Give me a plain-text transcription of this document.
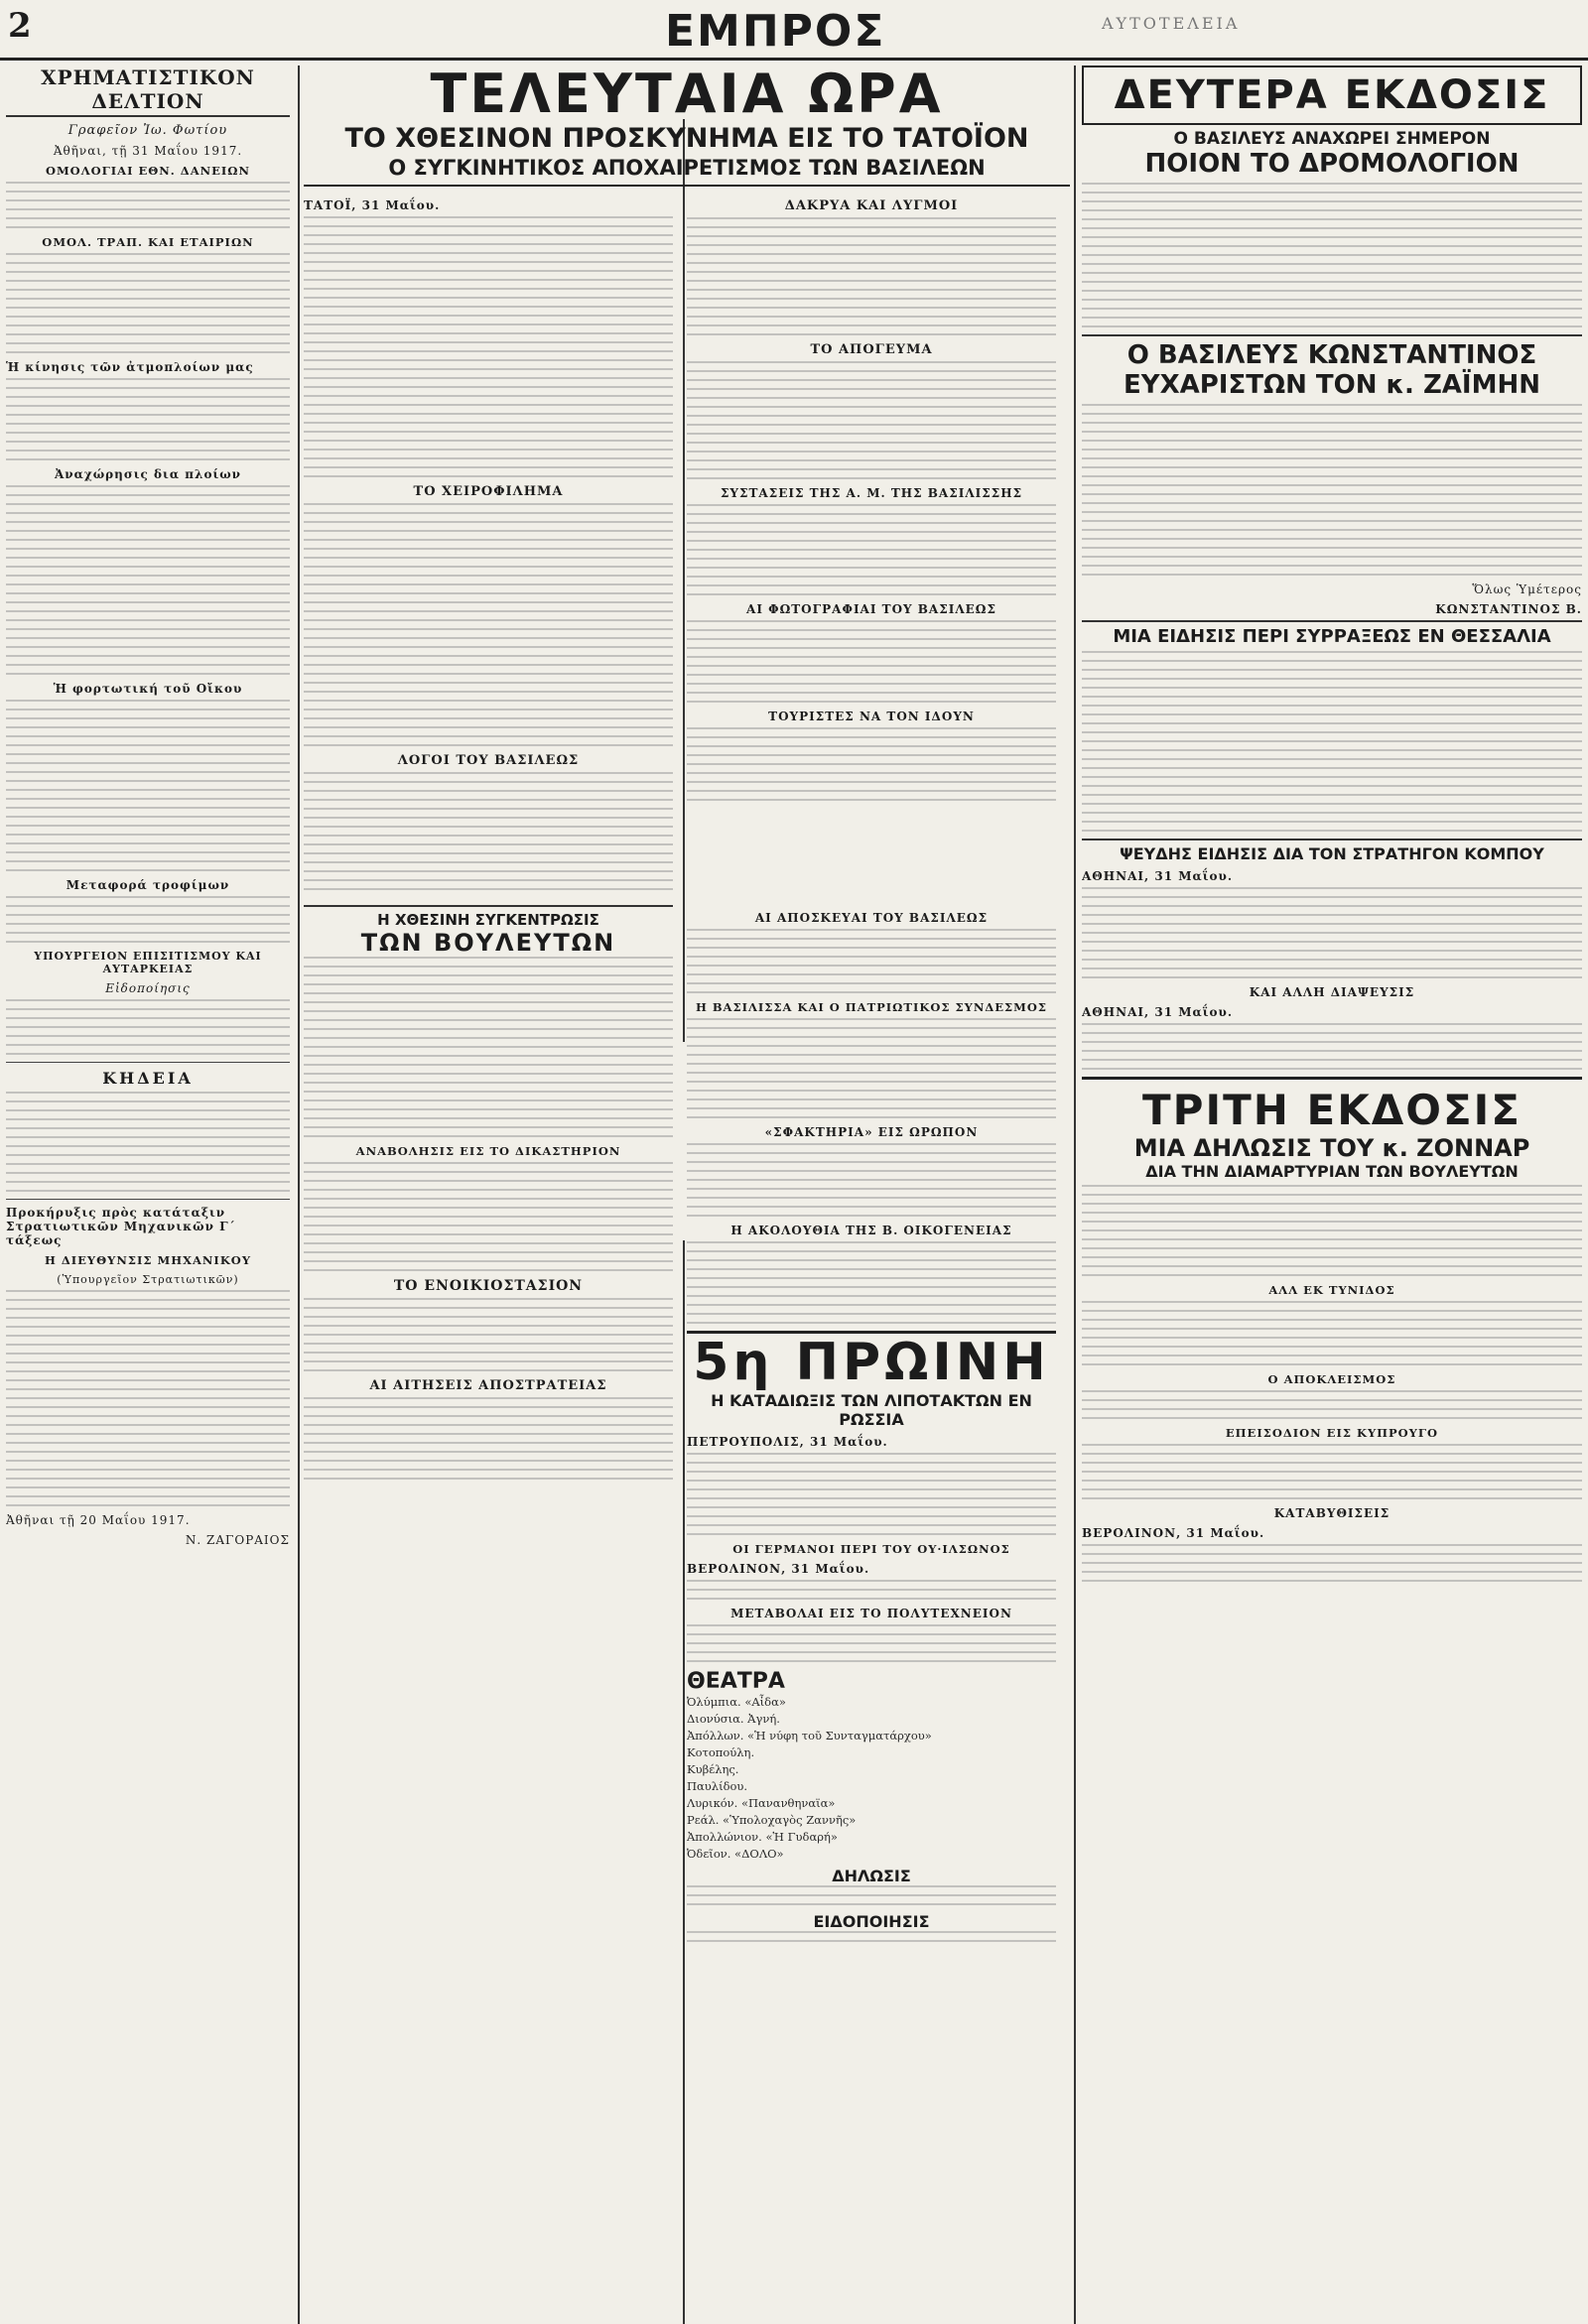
2	ΕΜΠΡΟΣ	ΑΥΤΟΤΕΛΕΙΑ
ΧΡΗΜΑΤΙΣΤΙΚΟΝ ΔΕΛΤΙΟΝ
Γραφεῖον Ἰω. Φωτίου
Ἀθῆναι, τῇ 31 Μαΐου 1917.
ΟΜΟΛΟΓΙΑΙ ΕΘΝ. ΔΑΝΕΙΩΝ
ΟΜΟΛ. ΤΡΑΠ. ΚΑΙ ΕΤΑΙΡΙΩΝ
Ἡ κίνησις τῶν ἀτμοπλοίων μας
Ἀναχώρησις δια πλοίων
Ἡ φορτωτική τοῦ Οἴκου
Μεταφορά τροφίμων
ΥΠΟΥΡΓΕΙΟΝ ΕΠΙΣΙΤΙΣΜΟΥ ΚΑΙ ΑΥΤΑΡΚΕΙΑΣ
Εἰδοποίησις
ΚΗΔΕΙΑ
Προκήρυξις πρὸς κατάταξιν Στρατιωτικῶν Μηχανικῶν Γ΄ τάξεως
Η ΔΙΕΥΘΥΝΣΙΣ ΜΗΧΑΝΙΚΟΥ
(Ὑπουργεῖον Στρατιωτικῶν)
Ἀθῆναι τῇ 20 Μαΐου 1917.
Ν. ΖΑΓΟΡΑΙΟΣ
ΤΕΛΕΥΤΑΙΑ ΩΡΑ
ΤΟ ΧΘΕΣΙΝΟΝ ΠΡΟΣΚΥΝΗΜΑ ΕΙΣ ΤΟ ΤΑΤΟΪΟΝ
Ο ΣΥΓΚΙΝΗΤΙΚΟΣ ΑΠΟΧΑΙΡΕΤΙΣΜΟΣ ΤΩΝ ΒΑΣΙΛΕΩΝ
ΤΑΤΟΪ, 31 Μαΐου.
ΤΟ ΧΕΙΡΟΦΙΛΗΜΑ
ΛΟΓΟΙ ΤΟΥ ΒΑΣΙΛΕΩΣ
ΔΑΚΡΥΑ ΚΑΙ ΛΥΓΜΟΙ
ΤΟ ΑΠΟΓΕΥΜΑ
ΣΥΣΤΑΣΕΙΣ ΤΗΣ Α. Μ. ΤΗΣ ΒΑΣΙΛΙΣΣΗΣ
ΑΙ ΦΩΤΟΓΡΑΦΙΑΙ ΤΟΥ ΒΑΣΙΛΕΩΣ
ΤΟΥΡΙΣΤΕΣ ΝΑ ΤΟΝ ΙΔΟΥΝ
Η ΧΘΕΣΙΝΗ ΣΥΓΚΕΝΤΡΩΣΙΣ
ΤΩΝ ΒΟΥΛΕΥΤΩΝ
ΑΝΑΒΟΛΗΣΙΣ ΕΙΣ ΤΟ ΔΙΚΑΣΤΗΡΙΟΝ
ΤΟ ΕΝΟΙΚΙΟΣΤΑΣΙΟΝ
ΑΙ ΑΙΤΗΣΕΙΣ ΑΠΟΣΤΡΑΤΕΙΑΣ
ΑΙ ΑΠΟΣΚΕΥΑΙ ΤΟΥ ΒΑΣΙΛΕΩΣ
Η ΒΑΣΙΛΙΣΣΑ ΚΑΙ Ο ΠΑΤΡΙΩΤΙΚΟΣ ΣΥΝΔΕΣΜΟΣ
«ΣΦΑΚΤΗΡΙΑ» ΕΙΣ ΩΡΩΠΟΝ
Η ΑΚΟΛΟΥΘΙΑ ΤΗΣ Β. ΟΙΚΟΓΕΝΕΙΑΣ
5η ΠΡΩΙΝΗ
Η ΚΑΤΑΔΙΩΞΙΣ ΤΩΝ ΛΙΠΟΤΑΚΤΩΝ ΕΝ ΡΩΣΣΙΑ
ΠΕΤΡΟΥΠΟΛΙΣ, 31 Μαΐου.
ΟΙ ΓΕΡΜΑΝΟΙ ΠΕΡΙ ΤΟΥ ΟΥ·ΙΛΣΩΝΟΣ
ΒΕΡΟΛΙΝΟΝ, 31 Μαΐου.
ΜΕΤΑΒΟΛΑΙ ΕΙΣ ΤΟ ΠΟΛΥΤΕΧΝΕΙΟΝ
ΘΕΑΤΡΑ
Ὀλύμπια. «Αἶδα»
Διονύσια. Ἀγνή.
Ἀπόλλων. «Ἡ νύφη τοῦ Συνταγματάρχου»
Κοτοπούλη.
Κυβέλης.
Παυλίδου.
Λυρικόν. «Πανανθηναϊα»
Ρεάλ. «Ὑπολοχαγὸς Ζαννῆς»
Ἀπολλώνιον. «Ἡ Γυδαρή»
Ὀδεῖον. «ΔΟΛΟ»
ΔΗΛΩΣΙΣ
ΕΙΔΟΠΟΙΗΣΙΣ
ΔΕΥΤΕΡΑ ΕΚΔΟΣΙΣ
Ο ΒΑΣΙΛΕΥΣ ΑΝΑΧΩΡΕΙ ΣΗΜΕΡΟΝ
ΠΟΙΟΝ ΤΟ ΔΡΟΜΟΛΟΓΙΟΝ
Ο ΒΑΣΙΛΕΥΣ ΚΩΝΣΤΑΝΤΙΝΟΣ
ΕΥΧΑΡΙΣΤΩΝ ΤΟΝ κ. ΖΑΪΜΗΝ
Ὅλως Ὑμέτερος
ΚΩΝΣΤΑΝΤΙΝΟΣ Β.
ΜΙΑ ΕΙΔΗΣΙΣ ΠΕΡΙ ΣΥΡΡΑΞΕΩΣ ΕΝ ΘΕΣΣΑΛΙΑ
ΨΕΥΔΗΣ ΕΙΔΗΣΙΣ ΔΙΑ ΤΟΝ ΣΤΡΑΤΗΓΟΝ ΚΟΜΠΟΥ
ΑΘΗΝΑΙ, 31 Μαΐου.
ΚΑΙ ΑΛΛΗ ΔΙΑΨΕΥΣΙΣ
ΑΘΗΝΑΙ, 31 Μαΐου.
ΤΡΙΤΗ ΕΚΔΟΣΙΣ
ΜΙΑ ΔΗΛΩΣΙΣ ΤΟΥ κ. ΖΟΝΝΑΡ
ΔΙΑ ΤΗΝ ΔΙΑΜΑΡΤΥΡΙΑΝ ΤΩΝ ΒΟΥΛΕΥΤΩΝ
ΑΛΛ ΕΚ ΤΥΝΙΔΟΣ
Ο ΑΠΟΚΛΕΙΣΜΟΣ
ΕΠΕΙΣΟΔΙΟΝ ΕΙΣ ΚΥΠΡΟΥΓΟ
ΚΑΤΑΒΥΘΙΣΕΙΣ
ΒΕΡΟΛΙΝΟΝ, 31 Μαΐου.
